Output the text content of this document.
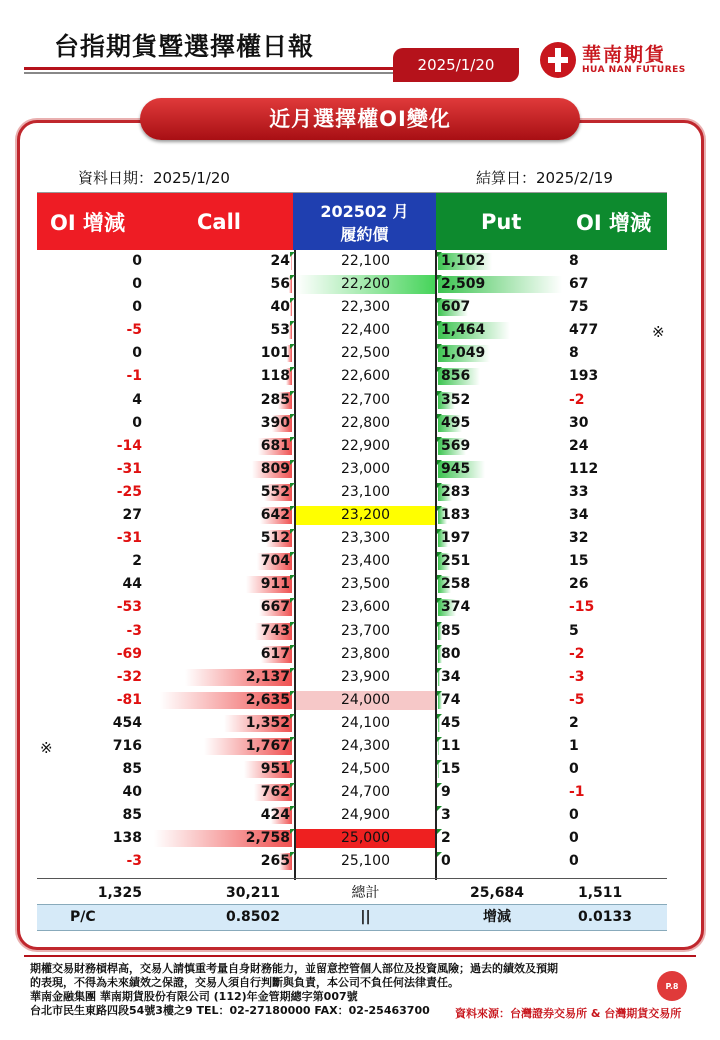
台指期貨暨選擇權日報
2025/1/20	華南期貨
HUA NAN FUTURES
近月選擇權OI變化
資料日期：2025/1/20	結算日：2025/2/19
OI 增減	Call	202502 月
履約價
Put	OI 增減
0	24	22,100	1,102	8
0	56	22,200	2,509	67
0	40	22,300	607	75
-5	53	22,400	1,464	477
0	101	22,500	1,049	8
-1	118	22,600	856	193
4	285	22,700	352	-2
0	390	22,800	495	30
-14	681	22,900	569	24
-31	809	23,000	945	112
-25	552	23,100	283	33
27	642	23,200	183	34
-31	512	23,300	197	32
2	704	23,400	251	15
44	911	23,500	258	26
-53	667	23,600	374	-15
-3	743	23,700	85	5
-69	617	23,800	80	-2
-32	2,137	23,900	34	-3
-81	2,635	24,000	74	-5
454	1,352	24,100	45	2
716	1,767	24,300	11	1
85	951	24,500	15	0
40	762	24,700	9	-1
85	424	24,900	3	0
138	2,758	25,000	2	0
-3	265	25,100	0	0
※
※
1,325	30,211	總計	25,684	1,511
P/C	0.8502	||	增減	0.0133
期權交易財務槓桿高，交易人請慎重考量自身財務能力，並留意控管個人部位及投資風險；過去的績效及預期
的表現，不得為未來績效之保證，交易人須自行判斷與負責，本公司不負任何法律責任。
華南金融集團 華南期貨股份有限公司 (112)年金管期總字第007號
台北市民生東路四段54號3樓之9 TEL：02-27180000 FAX：02-25463700	資料來源：台灣證券交易所 & 台灣期貨交易所
P.8
